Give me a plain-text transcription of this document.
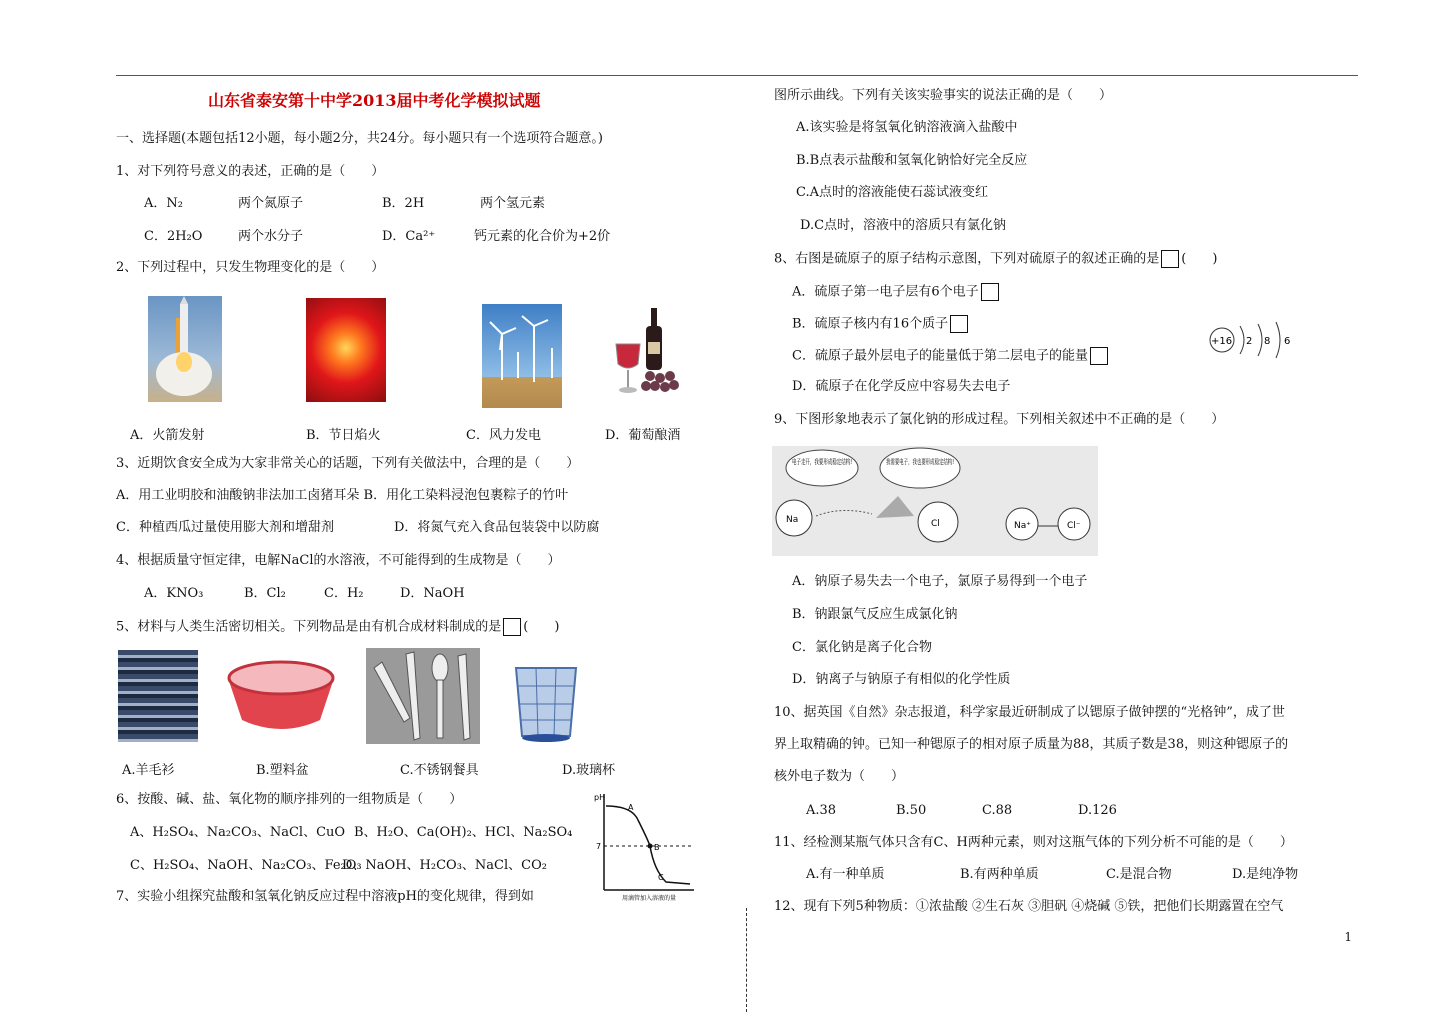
山东省泰安第十中学2013届中考化学模拟试题
一、选择题(本题包括12小题，每小题2分，共24分。每小题只有一个选项符合题意。)
1、对下列符号意义的表述，正确的是（　　）
A．N₂	两个氮原子	B．2H	两个氢元素
C．2H₂O	两个水分子	D．Ca²⁺	钙元素的化合价为+2价
2、下列过程中，只发生物理变化的是（　　）
A．火箭发射	B．节日焰火	C．风力发电	D．葡萄酿酒
3、近期饮食安全成为大家非常关心的话题，下列有关做法中，合理的是（　　）
A．用工业明胶和油酸钠非法加工卤猪耳朵 B．用化工染料浸泡包裹粽子的竹叶
C．种植西瓜过量使用膨大剂和增甜剂	D．将氮气充入食品包装袋中以防腐
4、根据质量守恒定律，电解NaCl的水溶液，不可能得到的生成物是（　　）
A．KNO₃	B．Cl₂	C．H₂	D．NaOH
5、材料与人类生活密切相关。下列物品是由有机合成材料制成的是 (　　)
A.羊毛衫	B.塑料盆	C.不锈钢餐具	D.玻璃杯
6、按酸、碱、盐、氧化物的顺序排列的一组物质是（　　）
A、H₂SO₄、Na₂CO₃、NaCl、CuO B、H₂O、Ca(OH)₂、HCl、Na₂SO₄
C、H₂SO₄、NaOH、Na₂CO₃、Fe₂O₃
D、NaOH、H₂CO₃、NaCl、CO₂
7、实验小组探究盐酸和氢氧化钠反应过程中溶液pH的变化规律，得到如
pH
7
A
B
C
用滴管加入溶液的量
图所示曲线。下列有关该实验事实的说法正确的是（　　）
A.该实验是将氢氧化钠溶液滴入盐酸中
B.B点表示盐酸和氢氧化钠恰好完全反应
C.A点时的溶液能使石蕊试液变红
D.C点时，溶液中的溶质只有氯化钠
8、右图是硫原子的原子结构示意图，下列对硫原子的叙述正确的是 (　　)
A．硫原子第一电子层有6个电子
B．硫原子核内有16个质子
C．硫原子最外层电子的能量低于第二层电子的能量
D．硫原子在化学反应中容易失去电子
+16 2 8 6
9、下图形象地表示了氯化钠的形成过程。下列相关叙述中不正确的是（　　）
电子走开，我要形成稳定结构! 我需要电子，我也要形成稳定结构!
Na	Cl	Na⁺	Cl⁻
A．钠原子易失去一个电子，氯原子易得到一个电子
B．钠跟氯气反应生成氯化钠
C．氯化钠是离子化合物
D．钠离子与钠原子有相似的化学性质
10、据英国《自然》杂志报道，科学家最近研制成了以锶原子做钟摆的“光格钟”，成了世
界上取精确的钟。已知一种锶原子的相对原子质量为88，其质子数是38，则这种锶原子的
核外电子数为（　　）
A.38	B.50	C.88	D.126
11、经检测某瓶气体只含有C、H两种元素，则对这瓶气体的下列分析不可能的是（　　）
A.有一种单质	B.有两种单质	C.是混合物	D.是纯净物
12、现有下列5种物质：①浓盐酸 ②生石灰 ③胆矾 ④烧碱 ⑤铁，把他们长期露置在空气
1
